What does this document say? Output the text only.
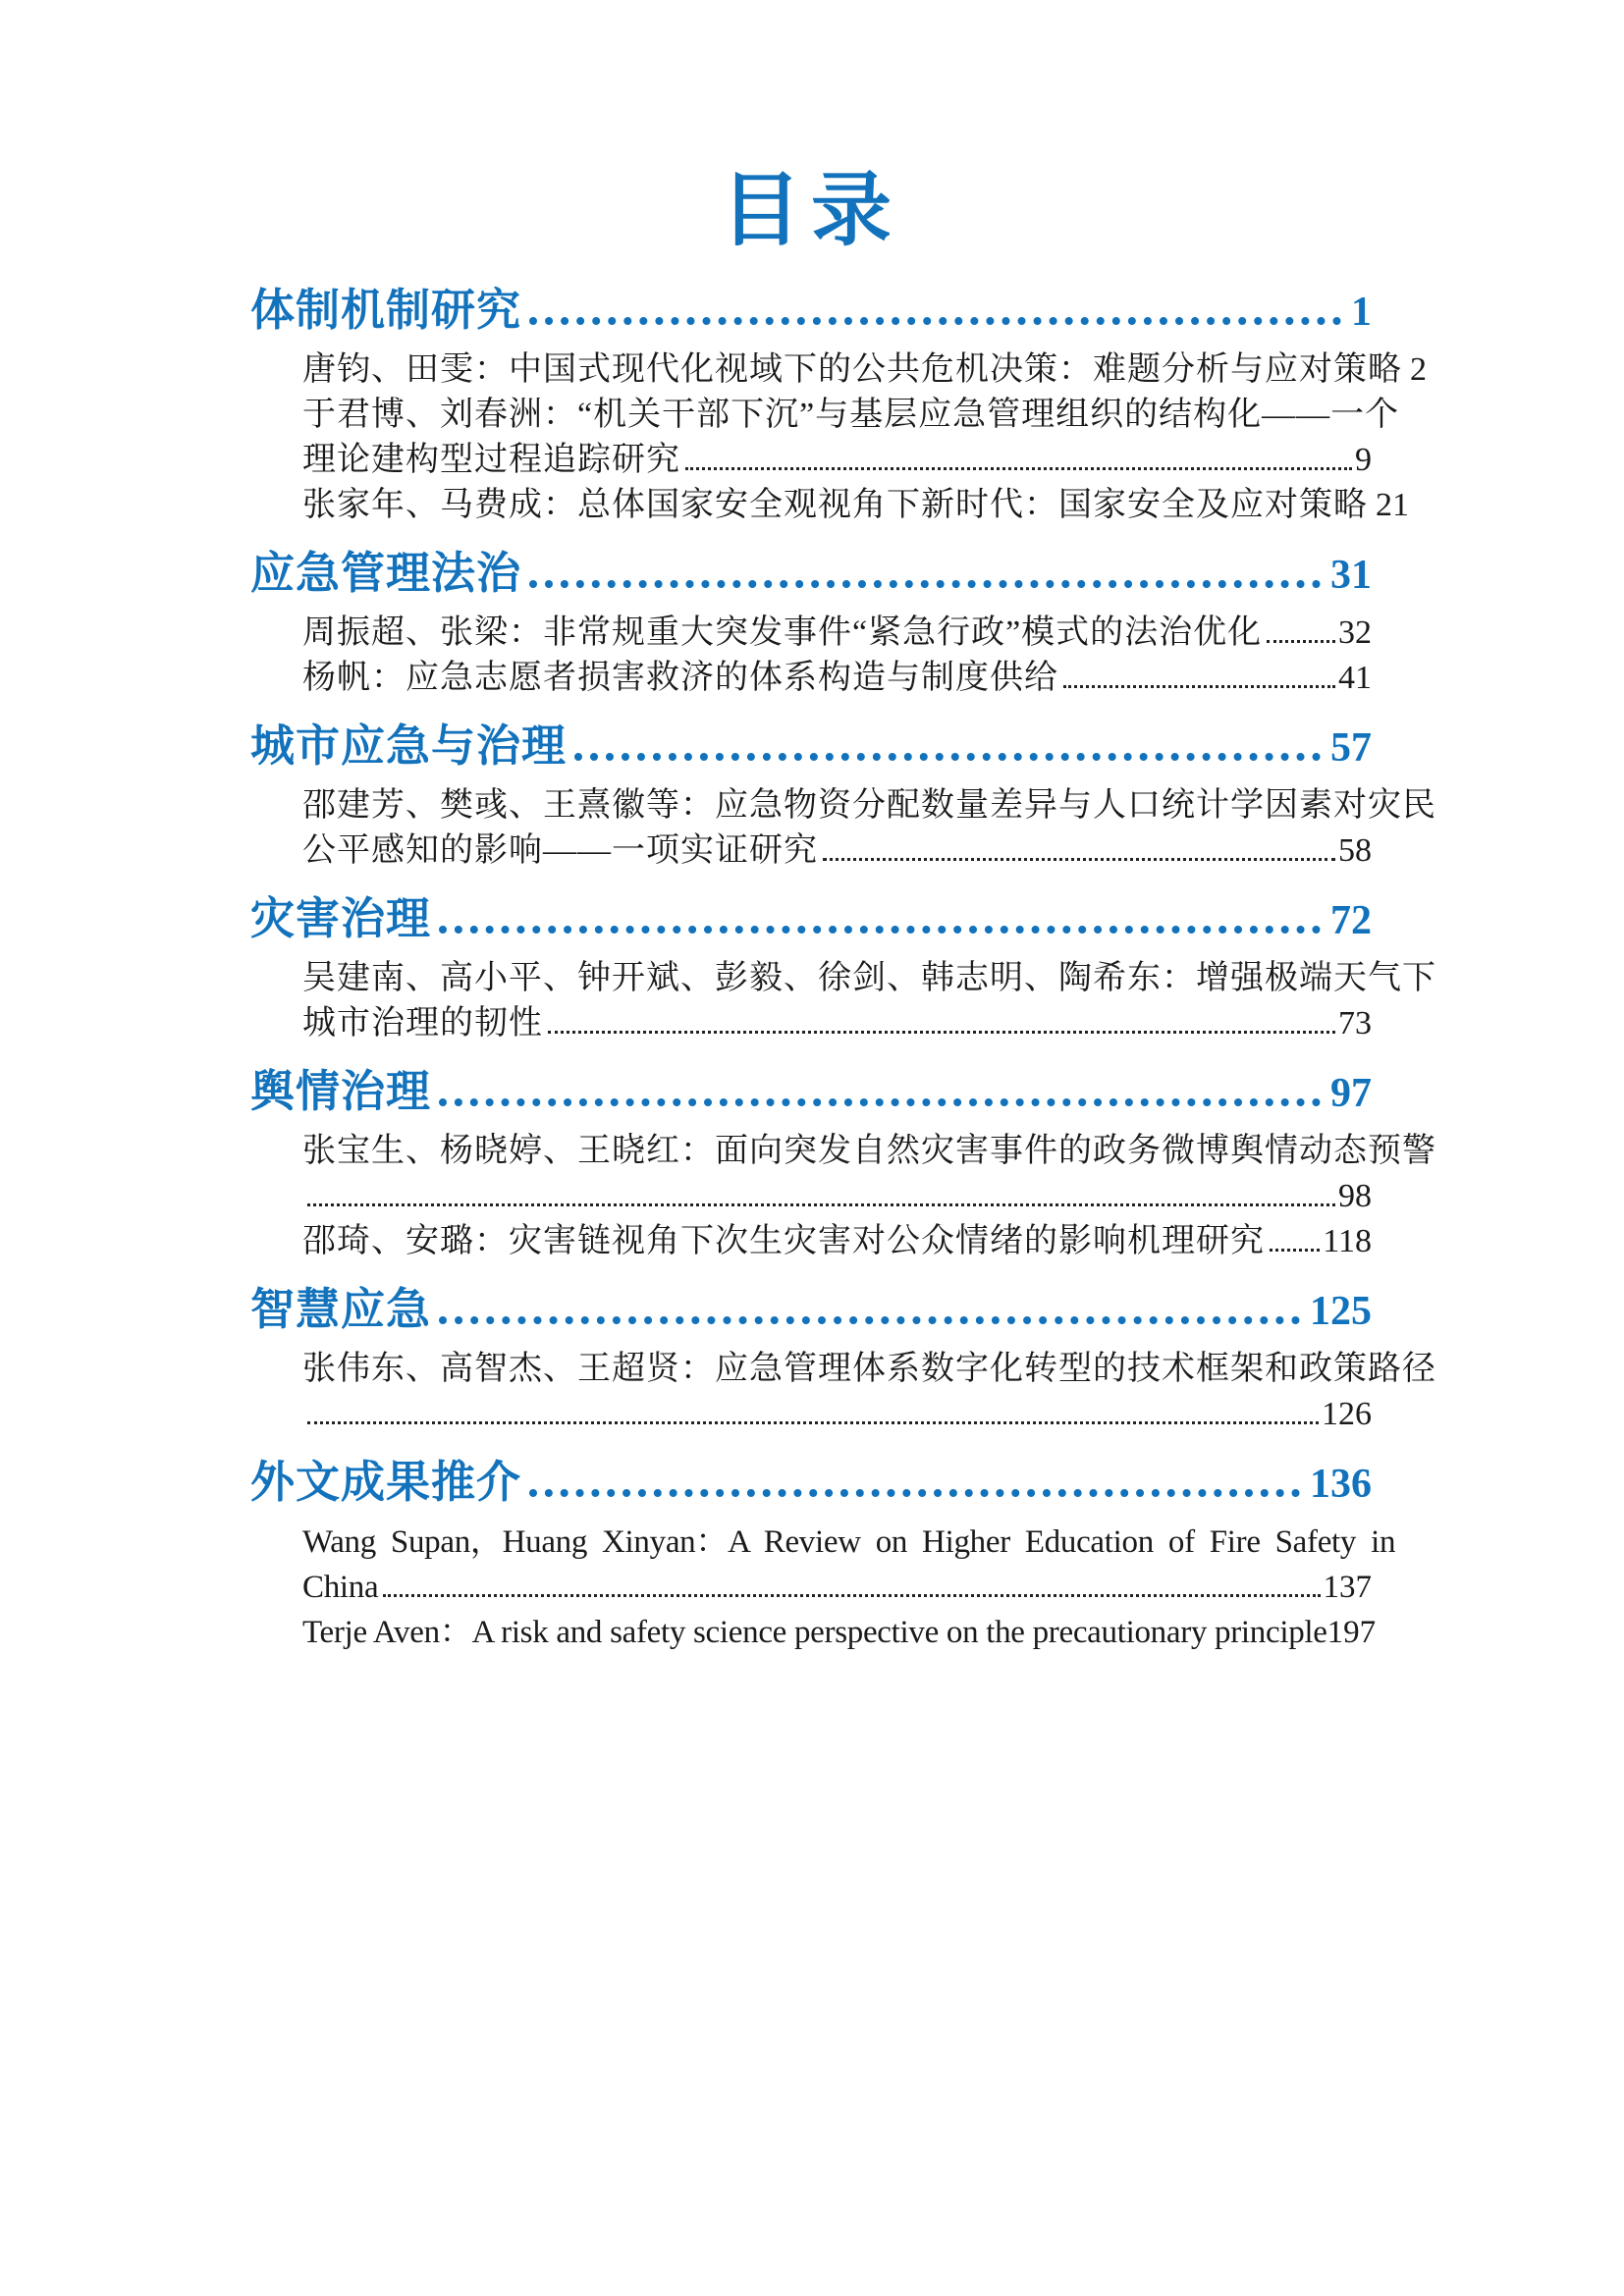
目录
体制机制研究	1
唐钧、田雯：中国式现代化视域下的公共危机决策：难题分析与应对策略 2
于君博、刘春洲：“机关干部下沉”与基层应急管理组织的结构化——一个
理论建构型过程追踪研究	9
张家年、马费成：总体国家安全观视角下新时代：国家安全及应对策略 21
应急管理法治	31
周振超、张梁：非常规重大突发事件“紧急行政”模式的法治优化 32
杨帆：应急志愿者损害救济的体系构造与制度供给	41
城市应急与治理	57
邵建芳、樊彧、王熹徽等：应急物资分配数量差异与人口统计学因素对灾民
公平感知的影响——一项实证研究	58
灾害治理	72
吴建南、高小平、钟开斌、彭毅、徐剑、韩志明、陶希东：增强极端天气下
城市治理的韧性	73
舆情治理	97
张宝生、杨晓婷、王晓红：面向突发自然灾害事件的政务微博舆情动态预警
98
邵琦、安璐：灾害链视角下次生灾害对公众情绪的影响机理研究 118
智慧应急	125
张伟东、高智杰、王超贤：应急管理体系数字化转型的技术框架和政策路径
126
外文成果推介	136
Wang Supan，Huang Xinyan：A Review on Higher Education of Fire Safety in
China	137
Terje Aven：A risk and safety science perspective on the precautionary principle 197
